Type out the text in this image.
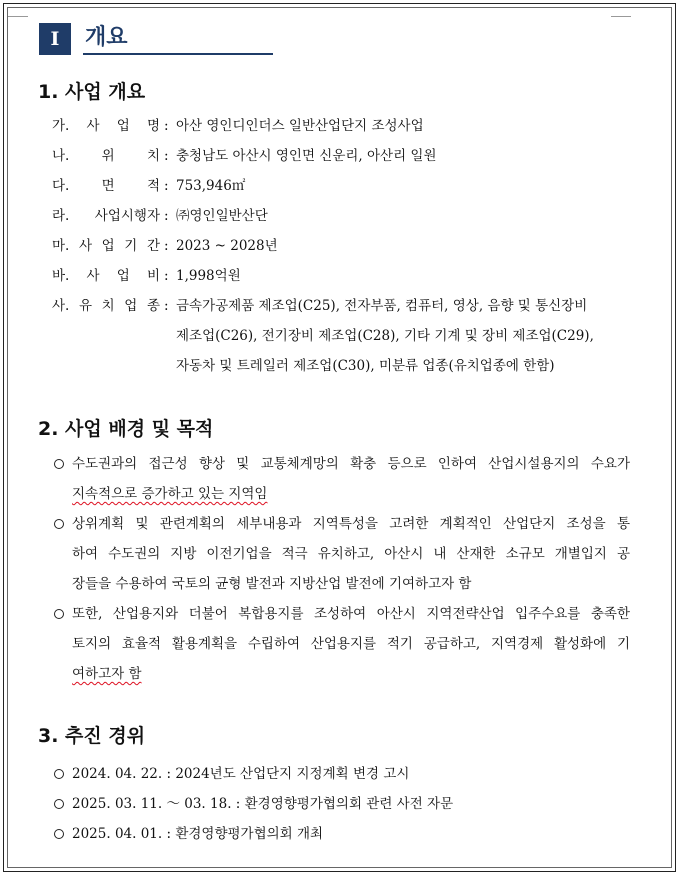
I	개요
1. 사업 개요
가. 사 업 명 : 아산 영인디인더스 일반산업단지 조성사업
나. 위 치 : 충청남도 아산시 영인면 신운리, 아산리 일원
다. 면 적 : 753,946㎡
라. 사업시행자 : ㈜영인일반산단
마. 사 업 기 간 : 2023 ~ 2028년
바. 사 업 비 : 1,998억원
사. 유 치 업 종 : 금속가공제품 제조업(C25), 전자부품, 컴퓨터, 영상, 음향 및 통신장비
제조업(C26), 전기장비 제조업(C28), 기타 기계 및 장비 제조업(C29),
자동차 및 트레일러 제조업(C30), 미분류 업종(유치업종에 한함)
2. 사업 배경 및 목적
수도권과의 접근성 향상 및 교통체계망의 확충 등으로 인하여 산업시설용지의 수요가
지속적으로 증가하고 있는 지역임
상위계획 및 관련계획의 세부내용과 지역특성을 고려한 계획적인 산업단지 조성을 통
하여 수도권의 지방 이전기업을 적극 유치하고, 아산시 내 산재한 소규모 개별입지 공
장들을 수용하여 국토의 균형 발전과 지방산업 발전에 기여하고자 함
또한, 산업용지와 더불어 복합용지를 조성하여 아산시 지역전략산업 입주수요를 충족한
토지의 효율적 활용계획을 수립하여 산업용지를 적기 공급하고, 지역경제 활성화에 기
여하고자 함
3. 추진 경위
2024. 04. 22. : 2024년도 산업단지 지정계획 변경 고시
2025. 03. 11. ～ 03. 18. : 환경영향평가협의회 관련 사전 자문
2025. 04. 01. : 환경영향평가협의회 개최
